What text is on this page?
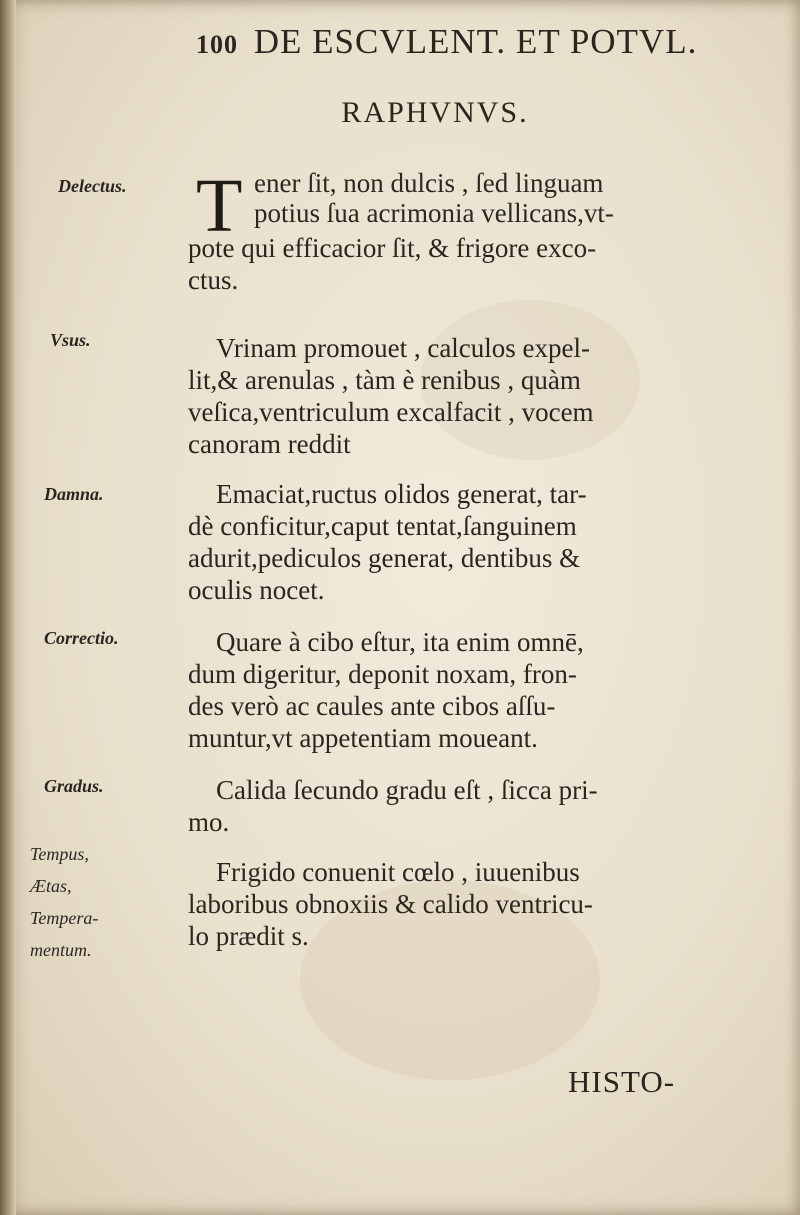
100 DE ESCVLENT. ET POTVL.
RAPHVNVS.
Delectus.
Vsus.
Damna.
Correctio.
Gradus.
Tempus,
Ætas,
Tempera-
mentum.
T ener ſit, non dulcis , ſed linguam
potius ſua acrimonia vellicans,vt-
pote qui efficacior ſit, & frigore exco-
ctus.
Vrinam promouet , calculos expel-
lit,& arenulas , tàm è renibus , quàm
veſica,ventriculum excalfacit , vocem
canoram reddit
Emaciat,ructus olidos generat, tar-
dè conficitur,caput tentat,ſanguinem
adurit,pediculos generat, dentibus &
oculis nocet.
Quare à cibo eſtur, ita enim omnē,
dum digeritur, deponit noxam, fron-
des verò ac caules ante cibos aſſu-
muntur,vt appetentiam moueant.
Calida ſecundo gradu eſt , ſicca pri-
mo.
Frigido conuenit cœlo , iuuenibus
laboribus obnoxiis & calido ventricu-
lo prædit s.
HISTO-
